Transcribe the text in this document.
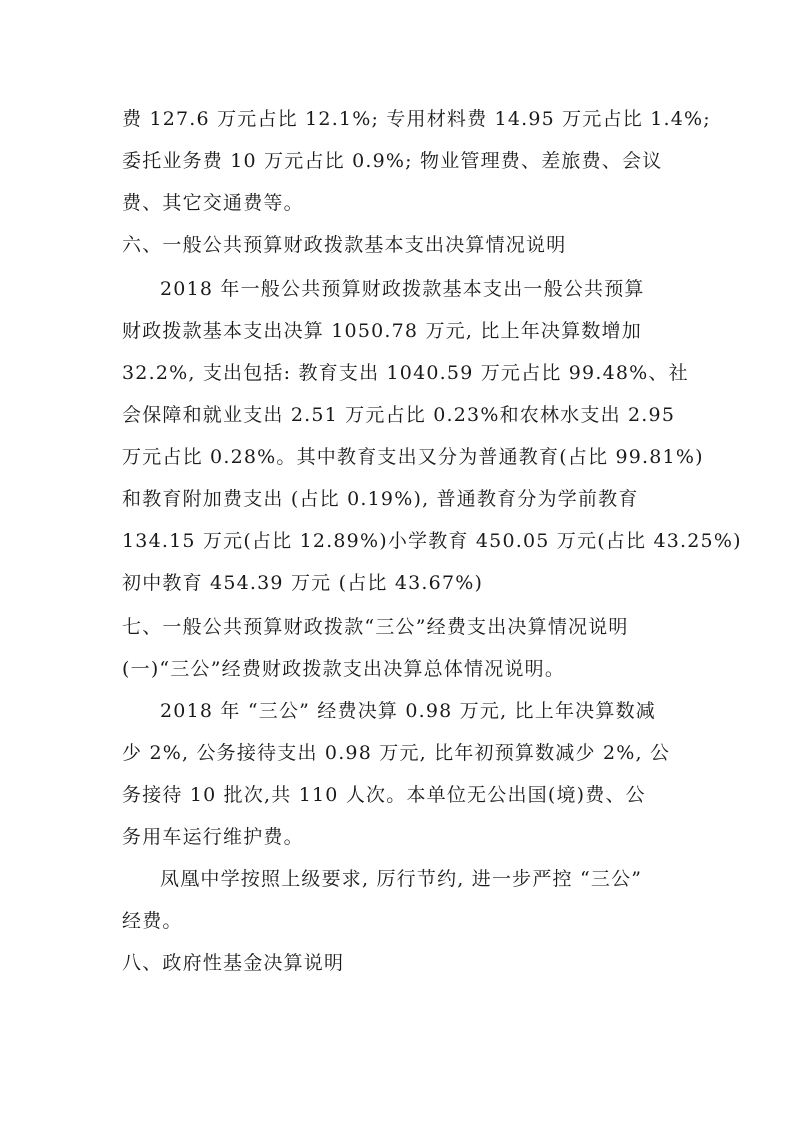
费 127.6 万元占比 12.1%; 专用材料费 14.95 万元占比 1.4%;
委托业务费 10 万元占比 0.9%; 物业管理费、差旅费、会议
费、其它交通费等。
六、一般公共预算财政拨款基本支出决算情况说明
2018 年一般公共预算财政拨款基本支出一般公共预算
财政拨款基本支出决算 1050.78 万元, 比上年决算数增加
32.2%, 支出包括: 教育支出 1040.59 万元占比 99.48%、社
会保障和就业支出 2.51 万元占比 0.23%和农林水支出 2.95
万元占比 0.28%。其中教育支出又分为普通教育(占比 99.81%)
和教育附加费支出 (占比 0.19%), 普通教育分为学前教育
134.15 万元(占比 12.89%)小学教育 450.05 万元(占比 43.25%)
初中教育 454.39 万元 (占比 43.67%)
七、一般公共预算财政拨款“三公”经费支出决算情况说明
(一)“三公”经费财政拨款支出决算总体情况说明。
2018 年 “三公” 经费决算 0.98 万元, 比上年决算数减
少 2%, 公务接待支出 0.98 万元, 比年初预算数减少 2%, 公
务接待 10 批次,共 110 人次。本单位无公出国(境)费、公
务用车运行维护费。
凤凰中学按照上级要求, 厉行节约, 进一步严控 “三公”
经费。
八、政府性基金决算说明
